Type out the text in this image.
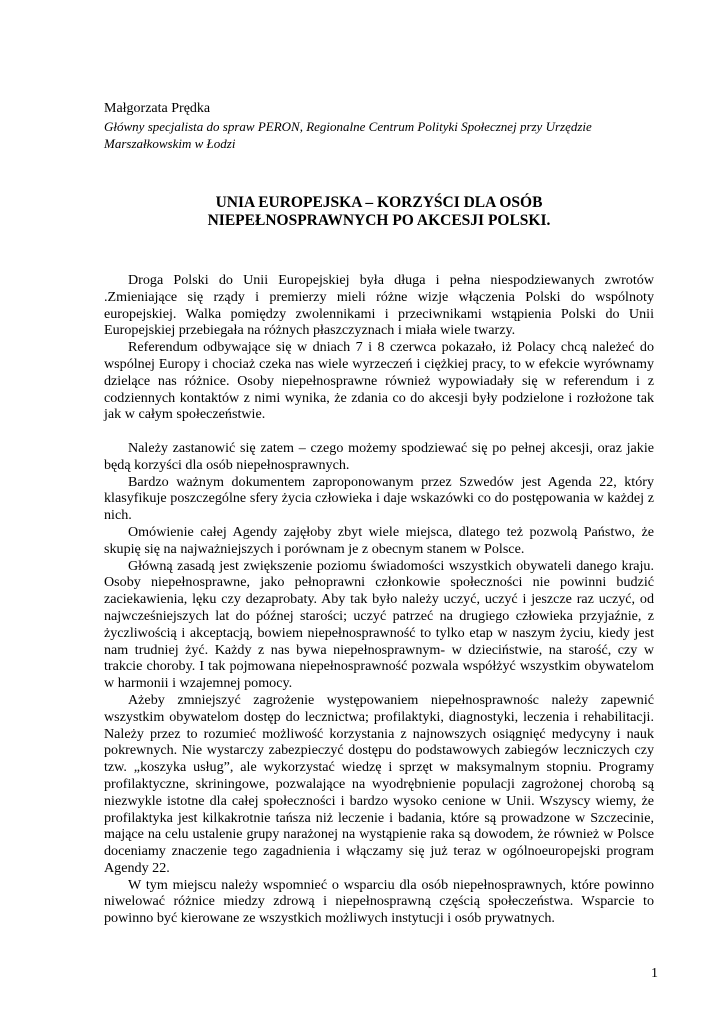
Małgorzata Prędka
Główny specjalista do spraw PERON, Regionalne Centrum Polityki Społecznej przy Urzędzie Marszałkowskim w Łodzi
UNIA EUROPEJSKA – KORZYŚCI DLA OSÓB
NIEPEŁNOSPRAWNYCH PO AKCESJI POLSKI.

Droga Polski do Unii Europejskiej była długa i pełna niespodziewanych zwrotów .Zmieniające się rządy i premierzy mieli różne wizje włączenia Polski do wspólnoty europejskiej. Walka pomiędzy zwolennikami i przeciwnikami wstąpienia Polski do Unii Europejskiej przebiegała na różnych płaszczyznach i miała wiele twarzy.

Referendum odbywające się w dniach 7 i 8 czerwca pokazało, iż Polacy chcą należeć do wspólnej Europy i chociaż czeka nas wiele wyrzeczeń i ciężkiej pracy, to w efekcie wyrównamy dzielące nas różnice. Osoby niepełnosprawne również wypowiadały się w referendum i z codziennych kontaktów z nimi wynika, że zdania co do akcesji były podzielone i rozłożone tak jak w całym społeczeństwie.

Należy zastanowić się zatem – czego możemy spodziewać się po pełnej akcesji, oraz jakie będą korzyści dla osób niepełnosprawnych.

Bardzo ważnym dokumentem zaproponowanym przez Szwedów jest Agenda 22, który klasyfikuje poszczególne sfery życia człowieka i daje wskazówki co do postępowania w każdej z nich.

Omówienie całej Agendy zajęłoby zbyt wiele miejsca, dlatego też pozwolą Państwo, że skupię się na najważniejszych i porównam je z obecnym stanem w Polsce.

Główną zasadą jest zwiększenie poziomu świadomości wszystkich obywateli danego kraju. Osoby niepełnosprawne, jako pełnoprawni członkowie społeczności nie powinni budzić zaciekawienia, lęku czy dezaprobaty. Aby tak było należy uczyć, uczyć i jeszcze raz uczyć, od najwcześniejszych lat do późnej starości; uczyć patrzeć na drugiego człowieka przyjaźnie, z życzliwością i akceptacją, bowiem niepełnosprawność to tylko etap w naszym życiu, kiedy jest nam trudniej żyć. Każdy z nas bywa niepełnosprawnym- w dzieciństwie, na starość, czy w trakcie choroby. I tak pojmowana niepełnosprawność pozwala współżyć wszystkim obywatelom w harmonii i wzajemnej pomocy.

Ażeby zmniejszyć zagrożenie występowaniem niepełnosprawnośc należy zapewnić wszystkim obywatelom dostęp do lecznictwa; profilaktyki, diagnostyki, leczenia i rehabilitacji. Należy przez to rozumieć możliwość korzystania z najnowszych osiągnięć medycyny i nauk pokrewnych. Nie wystarczy zabezpieczyć dostępu do podstawowych zabiegów leczniczych czy tzw. „koszyka usług”, ale wykorzystać wiedzę i sprzęt w maksymalnym stopniu. Programy profilaktyczne, skriningowe, pozwalające na wyodrębnienie populacji zagrożonej chorobą są niezwykle istotne dla całej społeczności i bardzo wysoko cenione w Unii. Wszyscy wiemy, że profilaktyka jest kilkakrotnie tańsza niż leczenie i badania, które są prowadzone w Szczecinie, mające na celu ustalenie grupy narażonej na wystąpienie raka są dowodem, że również w Polsce doceniamy znaczenie tego zagadnienia i włączamy się już teraz w ogólnoeuropejski program Agendy 22.

W tym miejscu należy wspomnieć o wsparciu dla osób niepełnosprawnych, które powinno niwelować różnice miedzy zdrową i niepełnosprawną częścią społeczeństwa. Wsparcie to powinno być kierowane ze wszystkich możliwych instytucji i osób prywatnych.

1
